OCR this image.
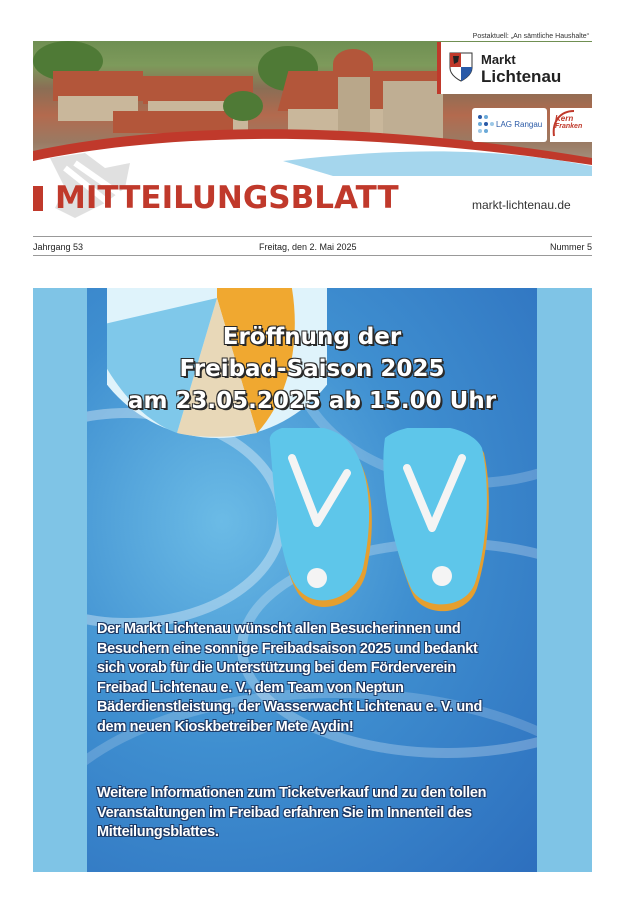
Postaktuell: „An sämtliche Haushalte“
Markt
Lichtenau
LAG Rangau
Kern
Franken
MITTEILUNGSBLATT	markt-lichtenau.de
Jahrgang 53	Freitag, den 2. Mai 2025	Nummer 5
Eröffnung der
Freibad-Saison 2025
am 23.05.2025 ab 15.00 Uhr
Der Markt Lichtenau wünscht allen Besucherinnen und
Besuchern eine sonnige Freibadsaison 2025 und bedankt
sich vorab für die Unterstützung bei dem Förderverein
Freibad Lichtenau e. V., dem Team von Neptun
Bäderdienstleistung, der Wasserwacht Lichtenau e. V. und
dem neuen Kioskbetreiber Mete Aydin!
Weitere Informationen zum Ticketverkauf und zu den tollen
Veranstaltungen im Freibad erfahren Sie im Innenteil des
Mitteilungsblattes.
